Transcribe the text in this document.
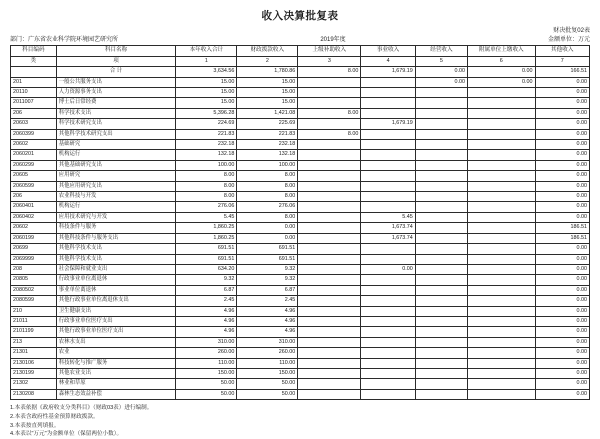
收入决算批复表
部门：广东省农业科学院环境园艺研究所	2019年度
财决批复02表
金额单位：万元
科目编码	科目名称	本年收入合计	财政拨款收入	上级补助收入	事业收入	经营收入	附属单位上缴收入	其他收入

类	项	1	2	3	4	5	6	7
	合 计	3,634.56	1,780.86	8.00	1,679.19	0.00	0.00	166.51
201	一般公共服务支出	15.00	15.00			0.00	0.00	0.00
20110	人力资源事务支出	15.00	15.00					0.00
2011007	博士后日常经费	15.00	15.00					0.00
206	科学技术支出	5,396.28	1,421.08	8.00				0.00
20603	科学技术研究支出	224.69	225.69		1,679.19			0.00
2060399	其他科学技术研究支出	221.83	221.83	8.00				0.00
20602	基础研究	232.18	232.18					0.00
2060201	机构运行	132.18	132.18					0.00
2060299	其他基础研究支出	100.00	100.00					0.00
20605	应用研究	8.00	8.00					0.00
2060599	其他应用研究支出	8.00	8.00					0.00
206	农业科技与开发	8.00	8.00					0.00
2060401	机构运行	276.06	276.06					0.00
2060402	应用技术研究与开发	5.45	8.00		5.45			0.00
20602	科技条件与服务	1,860.25	0.00		1,673.74			186.51
2060199	其他科技条件与服务支出	1,860.25	0.00		1,673.74			186.51
20699	其他科学技术支出	691.51	691.51					0.00
2069999	其他科学技术支出	691.51	691.51					0.00
208	社会保障和就业支出	634.20	9.32		0.00			0.00
20805	行政事业单位离退休	9.32	9.32					0.00
2080502	事业单位离退休	6.87	6.87					0.00
2080599	其他行政事业单位离退休支出	2.45	2.45					0.00
210	卫生健康支出	4.96	4.96					0.00
21011	行政事业单位医疗支出	4.96	4.96					0.00
2101199	其他行政事业单位医疗支出	4.96	4.96					0.00
213	农林水支出	310.00	310.00					0.00
21301	农业	260.00	260.00					0.00
2130106	科技转化与推广服务	110.00	110.00					0.00
2130199	其他农业支出	150.00	150.00					0.00
21302	林业和草原	50.00	50.00					0.00
2130208	森林生态效益补偿	50.00	50.00					0.00
1.本表依据《政府收支分类科目》（财政03表）进行编制。
2.本表含政府性基金预算财政拨款。
3.本表按直列填报。
4.本表以"万元"为金额单位（保留两位小数）。
